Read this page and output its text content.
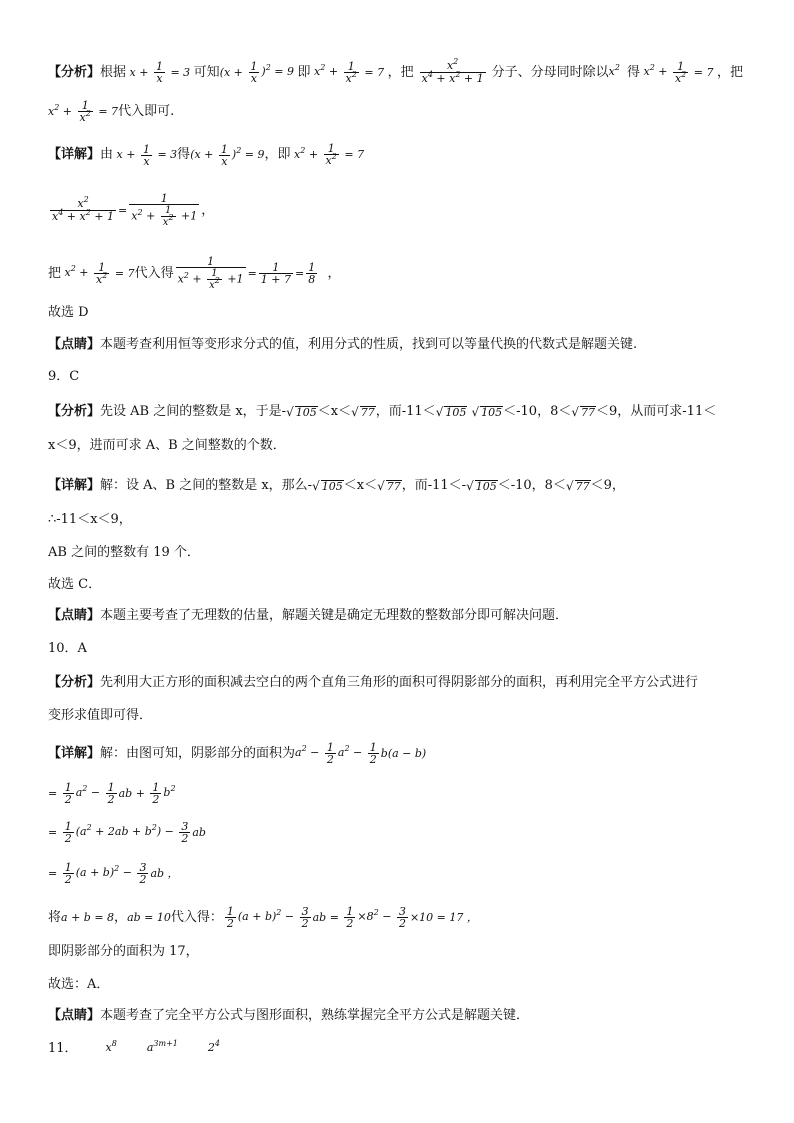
【分析】 根据 $x + \frac{1}{x} = 3$ 可知 $(x + \frac{1}{x} )^2 = 9$ 即 $x^2 + \frac{1}{x^2} = 7$ ，把 $\frac{x^2}{x^4 + x^2 + 1}$ 分子、分母同时除以 $x^2$ 得 $x^2 + \frac{1}{x^2} = 7$ ，把
$x^2 + \frac{1}{x^2} = 7$ 代入即可.
【详解】 由 $x + \frac{1}{x} = 3$ 得 $(x + \frac{1}{x} )^2 = 9$ ，即 $x^2 + \frac{1}{x^2} = 7$
$\frac{x^2}{x^4 + x^2 + 1} = \frac{1}{x^2 + \frac{1}{x^2} +1}$ ，
把 $x^2 + \frac{1}{x^2} = 7$ 代入得 $\frac{1}{x^2 + \frac{1}{x^2} +1} = \frac{1}{1 + 7} = \frac{1}{8}$ ，
故选 D
【点睛】 本题考查利用恒等变形求分式的值，利用分式的性质，找到可以等量代换的代数式是解题关键.
9．C
【分析】 先设 AB 之间的整数是 x，于是- √ 105 ＜x＜ √ 77 ，而-11＜ √ 105
√ 105 ＜-10，8＜ √ 77 ＜9，从而可求-11＜
x＜9，进而可求 A、B 之间整数的个数．
【详解】 解：设 A、B 之间的整数是 x，那么- √ 105 ＜x＜ √ 77 ，而-11＜- √ 105 ＜-10，8＜ √ 77 ＜9，
∴-11＜x＜9，
AB 之间的整数有 19 个．
故选 C．
【点睛】 本题主要考查了无理数的估量，解题关键是确定无理数的整数部分即可解决问题．
10．A
【分析】 先利用大正方形的面积减去空白的两个直角三角形的面积可得阴影部分的面积，再利用完全平方公式进行
变形求值即可得．
【详解】 解：由图可知，阴影部分的面积为 $a^2 - \frac{1}{2} a^2 - \frac{1}{2} b(a - b)$
= $\frac{1}{2} a^2 - \frac{1}{2}$ ab + $\frac{1}{2} b^2$
= $\frac{1}{2} (a^2 + 2ab + b^2) - \frac{3}{2}$ ab
= $\frac{1}{2} (a + b)^2 - \frac{3}{2}$ ab ，
将 a + b = 8 ， ab = 10 代入得： $\frac{1}{2} (a + b)^2 - \frac{3}{2}$ ab = $\frac{1}{2} \times 8^2 - \frac{3}{2} \times 10 = 17$ ，
即阴影部分的面积为 17，
故选：A．
【点睛】 本题考查了完全平方公式与图形面积，熟练掌握完全平方公式是解题关键．
11．	$x^8$	$a^{3m+1}$	$2^4$
